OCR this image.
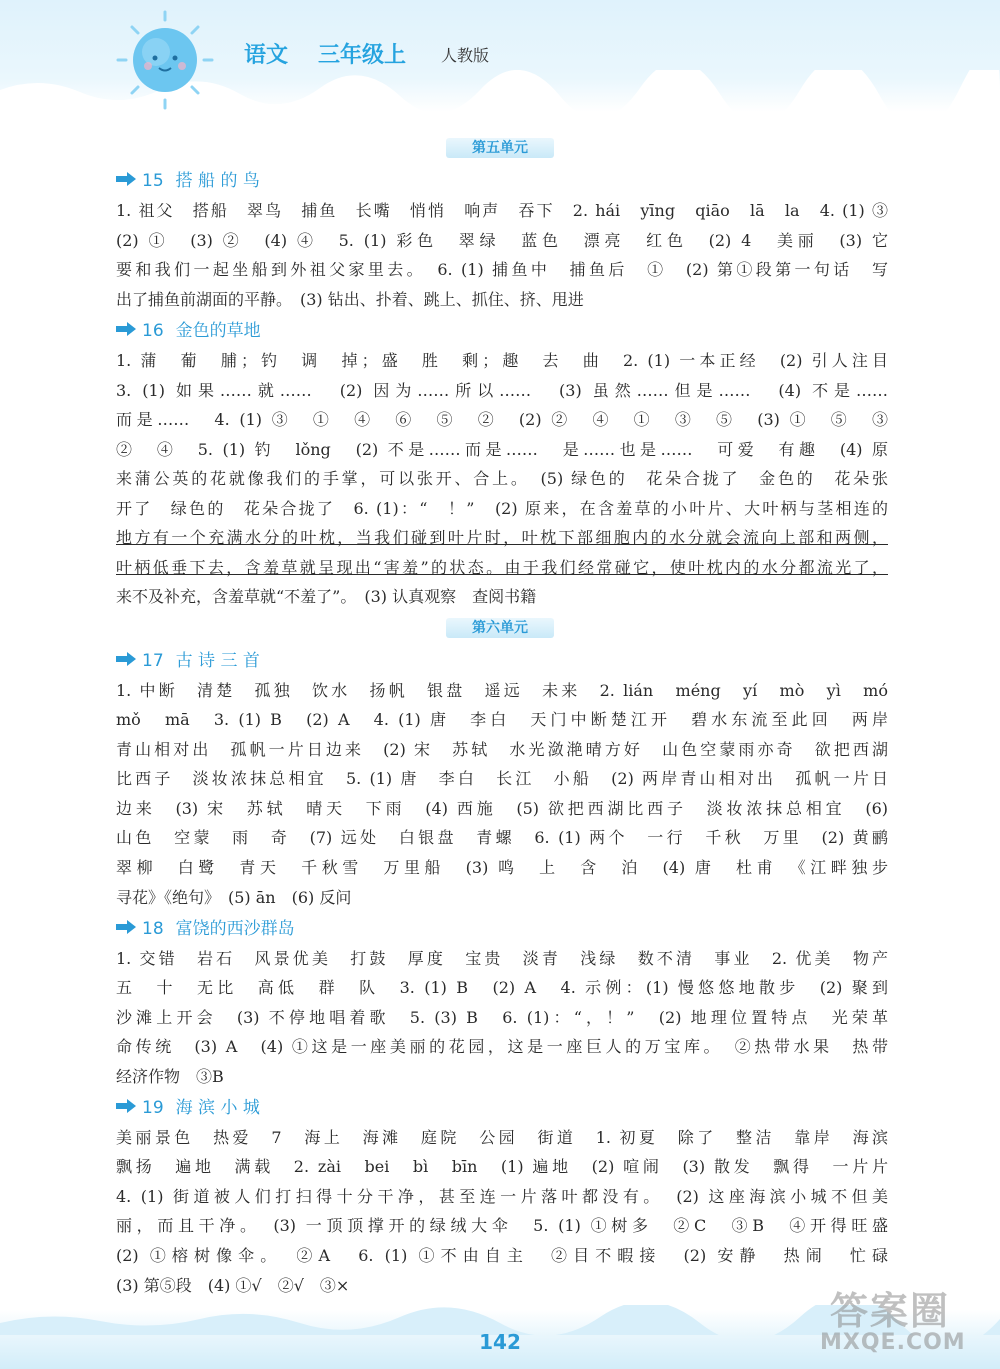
语文 三年级上 人教版
第五单元
15 搭 船 的 鸟
1. 祖父　搭船　翠鸟　捕鱼　长嘴　悄悄　响声　吞下　2. hái　yīng　qiāo　lā　la　4. (1) ③
(2) ①　(3) ②　(4) ④　5. (1) 彩色　翠绿　蓝色　漂亮　红色　(2) 4　美丽　(3) 它
要和我们一起坐船到外祖父家里去。　6. (1) 捕鱼中　捕鱼后　①　(2) 第①段第一句话　写
出了捕鱼前湖面的平静。　(3) 钻出、扑着、跳上、抓住、挤、甩进
16 金色的草地
1. 蒲　葡　脯；钓　调　掉；盛　胜　剩；趣　去　曲　2. (1) 一本正经　(2) 引人注目
3. (1) 如果……就……　(2) 因为……所以……　(3) 虽然……但是……　(4) 不是……
而是……　4. (1) ③　①　④　⑥　⑤　②　(2) ②　④　①　③　⑤　(3) ①　⑤　③
②　④　5. (1) 钓　lǒng　(2) 不是……而是……　是……也是……　可爱　有趣　(4) 原
来蒲公英的花就像我们的手掌，可以张开、合上。　(5) 绿色的　花朵合拢了　金色的　花朵张
开了　绿色的　花朵合拢了　6. (1)：“　！”　(2) 原来，在含羞草的小叶片、大叶柄与茎相连的
地方有一个充满水分的叶枕，当我们碰到叶片时，叶枕下部细胞内的水分就会流向上部和两侧，
叶柄低垂下去，含羞草就呈现出“害羞”的状态。由于我们经常碰它，使叶枕内的水分都流光了，
来不及补充，含羞草就“不羞了”。　(3) 认真观察　查阅书籍
第六单元
17 古 诗 三 首
1. 中断　清楚　孤独　饮水　扬帆　银盘　遥远　未来　2. lián　méng　yí　mò　yì　mó
mǒ　mā　3. (1) B　(2) A　4. (1) 唐　李白　天门中断楚江开　碧水东流至此回　两岸
青山相对出　孤帆一片日边来　(2) 宋　苏轼　水光潋滟晴方好　山色空蒙雨亦奇　欲把西湖
比西子　淡妆浓抹总相宜　5. (1) 唐　李白　长江　小船　(2) 两岸青山相对出　孤帆一片日
边来　(3) 宋　苏轼　晴天　下雨　(4) 西施　(5) 欲把西湖比西子　淡妆浓抹总相宜　(6)
山色　空蒙　雨　奇　(7) 远处　白银盘　青螺　6. (1) 两个　一行　千秋　万里　(2) 黄鹂
翠柳　白鹭　青天　千秋雪　万里船　(3) 鸣　上　含　泊　(4) 唐　杜甫　《江畔独步
寻花》《绝句》　(5) ān　(6) 反问
18 富饶的西沙群岛
1. 交错　岩石　风景优美　打鼓　厚度　宝贵　淡青　浅绿　数不清　事业　2. 优美　物产
五　十　无比　高低　群　队　3. (1) B　(2) A　4. 示例：(1) 慢悠悠地散步　(2) 聚到
沙滩上开会　(3) 不停地唱着歌　5. (3) B　6. (1)：“，！”　(2) 地理位置特点　光荣革
命传统　(3) A　(4) ①这是一座美丽的花园，这是一座巨人的万宝库。　②热带水果　热带
经济作物　③B
19 海 滨 小 城
美丽景色　热爱　7　海上　海滩　庭院　公园　街道　1. 初夏　除了　整洁　靠岸　海滨
飘扬　遍地　满载　2. zài　bei　bì　bīn　(1) 遍地　(2) 喧闹　(3) 散发　飘得　一片片
4. (1) 街道被人们打扫得十分干净，甚至连一片落叶都没有。　(2) 这座海滨小城不但美
丽，而且干净。　(3) 一顶顶撑开的绿绒大伞　5. (1) ①树多　②C　③B　④开得旺盛
(2) ①榕树像伞。　②A　6. (1) ①不由自主　②目不暇接　(2) 安静　热闹　忙碌
(3) 第⑤段　(4) ①√　②√　③×
142
答案圈
MXQE.COM
